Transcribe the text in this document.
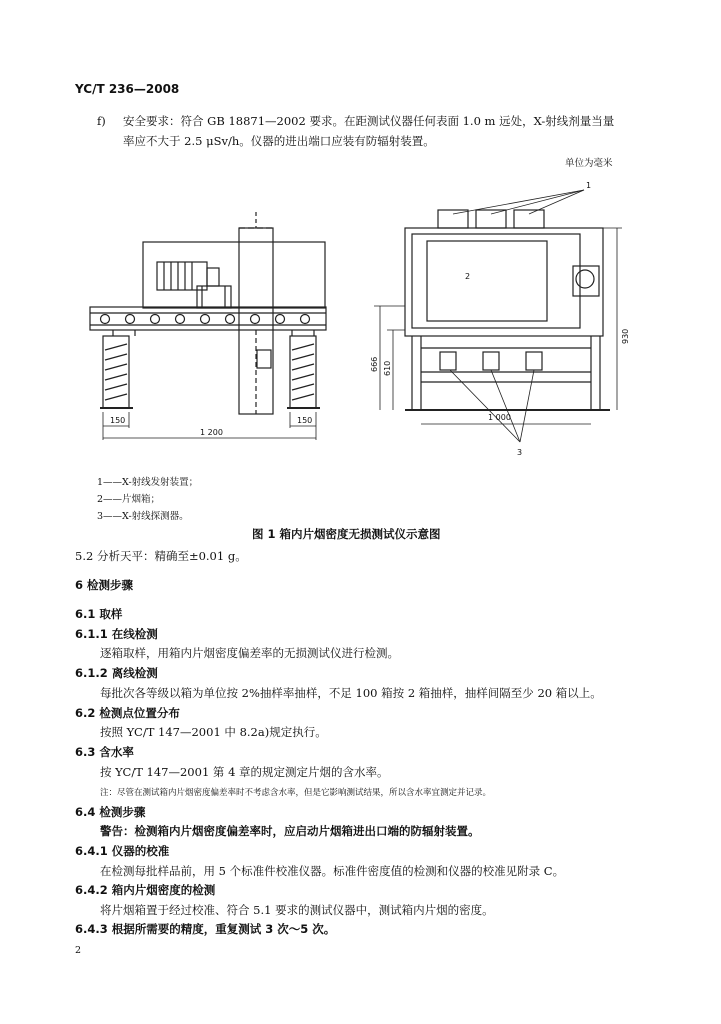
YC/T 236—2008
f) 安全要求：符合 GB 18871—2002 要求。在距测试仪器任何表面 1.0 m 远处，X-射线剂量当量
率应不大于 2.5 μSv/h。仪器的进出端口应装有防辐射装置。
单位为毫米
1
2
3
150	150
1 200
1 000
666 610
930
1——X-射线发射装置；
2——片烟箱；
3——X-射线探测器。
图 1 箱内片烟密度无损测试仪示意图
5.2 分析天平：精确至±0.01 g。
6 检测步骤
6.1 取样
6.1.1 在线检测
逐箱取样，用箱内片烟密度偏差率的无损测试仪进行检测。
6.1.2 离线检测
每批次各等级以箱为单位按 2%抽样率抽样，不足 100 箱按 2 箱抽样，抽样间隔至少 20 箱以上。
6.2 检测点位置分布
按照 YC/T 147—2001 中 8.2a)规定执行。
6.3 含水率
按 YC/T 147—2001 第 4 章的规定测定片烟的含水率。
注：尽管在测试箱内片烟密度偏差率时不考虑含水率，但是它影响测试结果，所以含水率宜测定并记录。
6.4 检测步骤
警告：检测箱内片烟密度偏差率时，应启动片烟箱进出口端的防辐射装置。
6.4.1 仪器的校准
在检测每批样品前，用 5 个标准件校准仪器。标准件密度值的检测和仪器的校准见附录 C。
6.4.2 箱内片烟密度的检测
将片烟箱置于经过校准、符合 5.1 要求的测试仪器中，测试箱内片烟的密度。
6.4.3 根据所需要的精度，重复测试 3 次～5 次。
2
